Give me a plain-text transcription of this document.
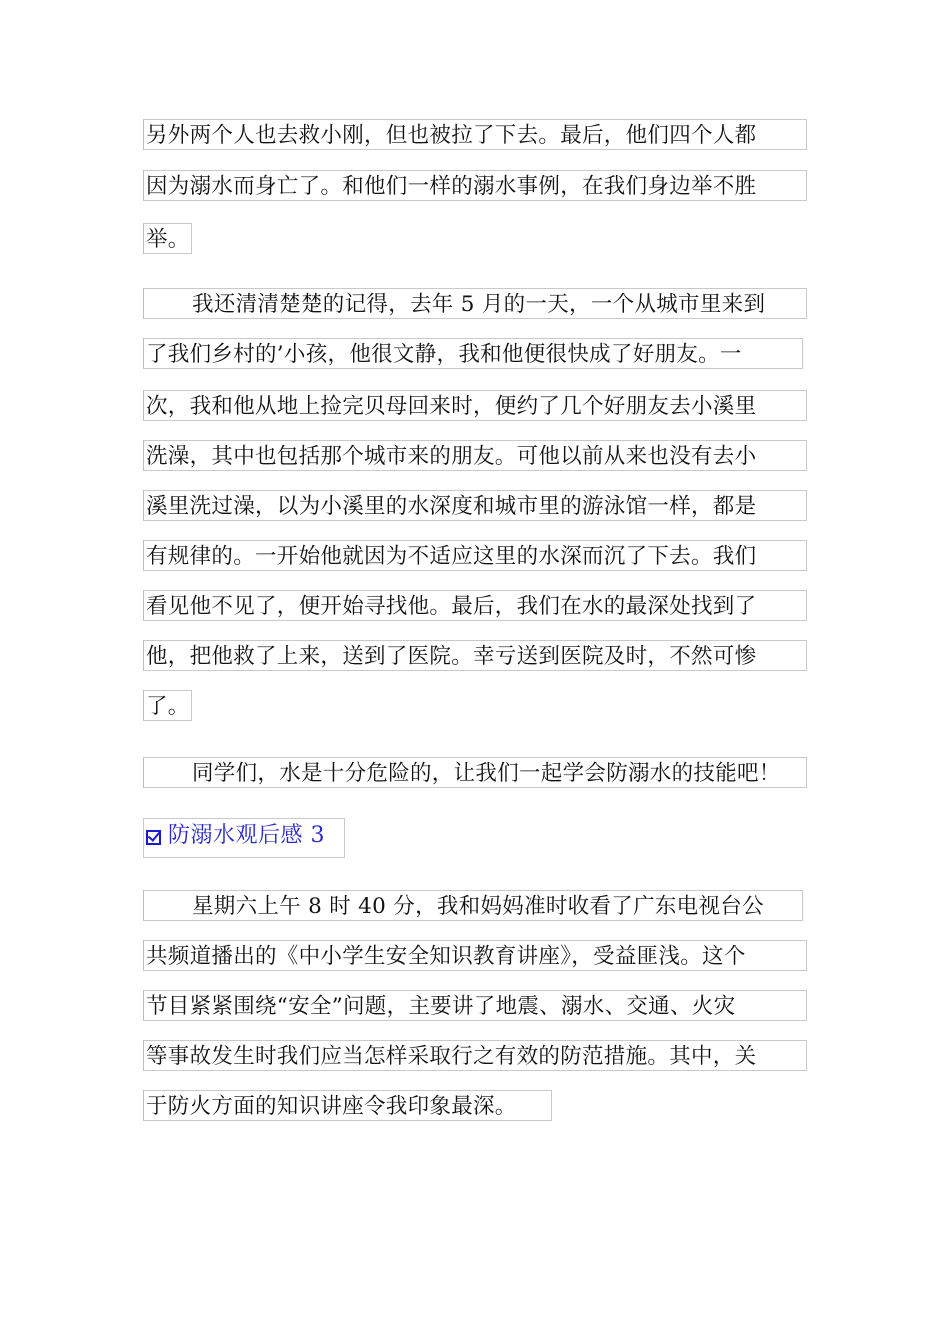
另外两个人也去救小刚，但也被拉了下去。最后，他们四个人都
因为溺水而身亡了。和他们一样的溺水事例，在我们身边举不胜
举。
我还清清楚楚的记得，去年 5 月的一天，一个从城市里来到
了我们乡村的’小孩，他很文静，我和他便很快成了好朋友。一
次，我和他从地上捡完贝母回来时，便约了几个好朋友去小溪里
洗澡，其中也包括那个城市来的朋友。可他以前从来也没有去小
溪里洗过澡，以为小溪里的水深度和城市里的游泳馆一样，都是
有规律的。一开始他就因为不适应这里的水深而沉了下去。我们
看见他不见了，便开始寻找他。最后，我们在水的最深处找到了
他，把他救了上来，送到了医院。幸亏送到医院及时，不然可惨
了。
同学们，水是十分危险的，让我们一起学会防溺水的技能吧！
防溺水观后感 3
星期六上午 8 时 40 分，我和妈妈准时收看了广东电视台公
共频道播出的《中小学生安全知识教育讲座》，受益匪浅。这个
节目紧紧围绕“安全”问题，主要讲了地震、溺水、交通、火灾
等事故发生时我们应当怎样采取行之有效的防范措施。其中，关
于防火方面的知识讲座令我印象最深。
